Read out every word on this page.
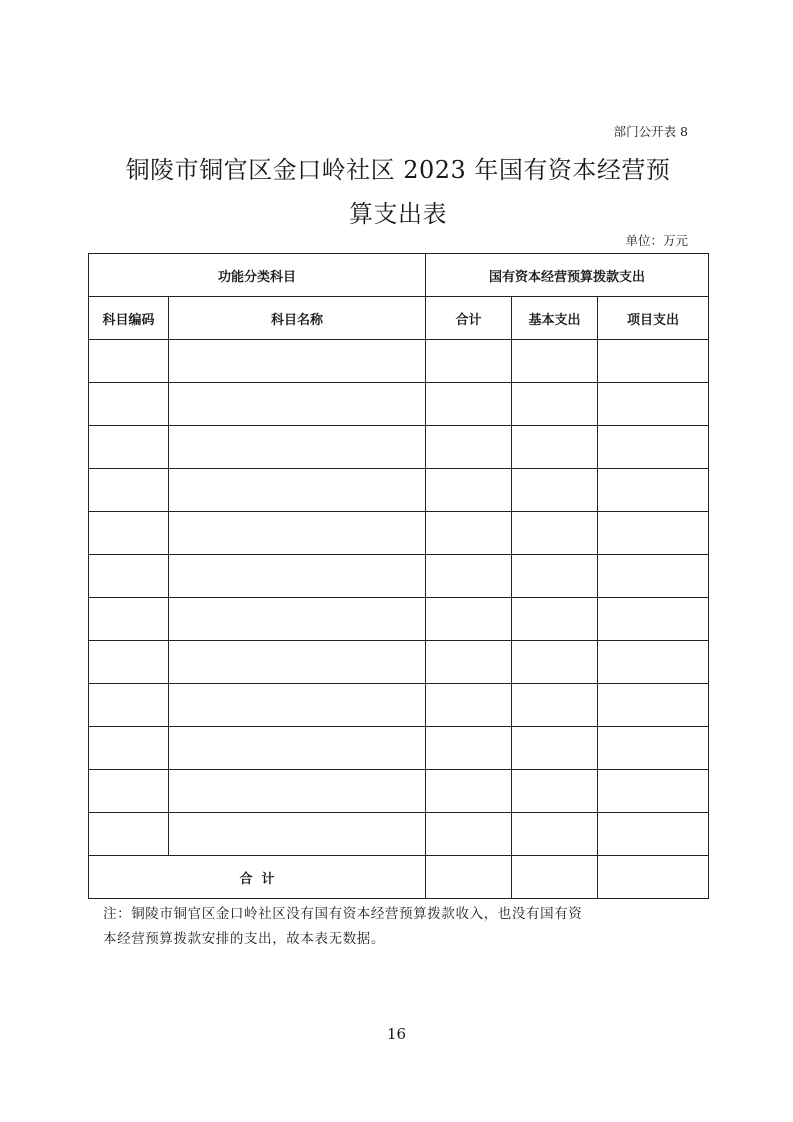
部门公开表 8
铜陵市铜官区金口岭社区 2023 年国有资本经营预
算支出表
单位：万元
功能分类科目		国有资本经营预算拨款支出		
科目编码	科目名称	合计	基本支出	项目支出

合  计				
注：铜陵市铜官区金口岭社区没有国有资本经营预算拨款收入，也没有国有资
本经营预算拨款安排的支出，故本表无数据。
16
